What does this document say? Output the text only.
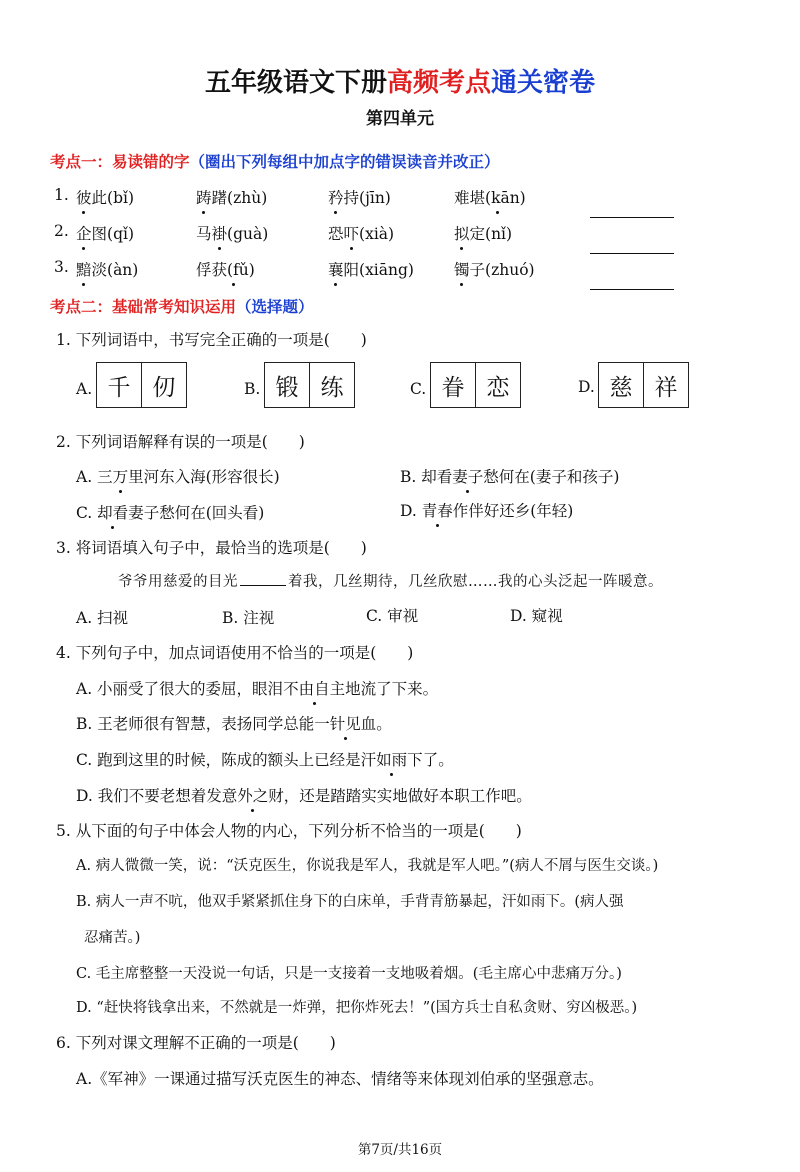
五年级语文下册高频考点通关密卷
第四单元
考点一：易读错的字（圈出下列每组中加点字的错误读音并改正）
1. 彼此(bǐ)	踌躇(zhù)	矜持(jīn)	难堪(kān)
2. 企图(qǐ)	马褂(guà)	恐吓(xià)	拟定(nǐ)
3. 黯淡(àn)	俘获(fǔ)	襄阳(xiāng)	镯子(zhuó)
考点二：基础常考知识运用（选择题）
1. 下列词语中，书写完全正确的一项是(　　)
A. 千 仞	B. 锻 练	C. 眷 恋	D. 慈 祥
2. 下列词语解释有误的一项是(　　)
A. 三万里河东入海(形容很长)	B. 却看妻子愁何在(妻子和孩子)
C. 却看妻子愁何在(回头看)	D. 青春作伴好还乡(年轻)
3. 将词语填入句子中，最恰当的选项是(　　)
爷爷用慈爱的目光	着我，几丝期待，几丝欣慰……我的心头泛起一阵暖意。
A. 扫视	B. 注视	C. 审视	D. 窥视
4. 下列句子中，加点词语使用不恰当的一项是(　　)
A. 小丽受了很大的委屈，眼泪不由自主地流了下来。
B. 王老师很有智慧，表扬同学总能一针见血。
C. 跑到这里的时候，陈成的额头上已经是汗如雨下了。
D. 我们不要老想着发意外之财，还是踏踏实实地做好本职工作吧。
5. 从下面的句子中体会人物的内心，下列分析不恰当的一项是(　　)
A. 病人微微一笑，说：“沃克医生，你说我是军人，我就是军人吧。”(病人不屑与医生交谈。)
B. 病人一声不吭，他双手紧紧抓住身下的白床单，手背青筋暴起，汗如雨下。(病人强
忍痛苦。)
C. 毛主席整整一天没说一句话，只是一支接着一支地吸着烟。(毛主席心中悲痛万分。)
D. “赶快将钱拿出来，不然就是一炸弹，把你炸死去！”(国方兵士自私贪财、穷凶极恶。)
6. 下列对课文理解不正确的一项是(　　)
A.《军神》一课通过描写沃克医生的神态、情绪等来体现刘伯承的坚强意志。
第7页/共16页
